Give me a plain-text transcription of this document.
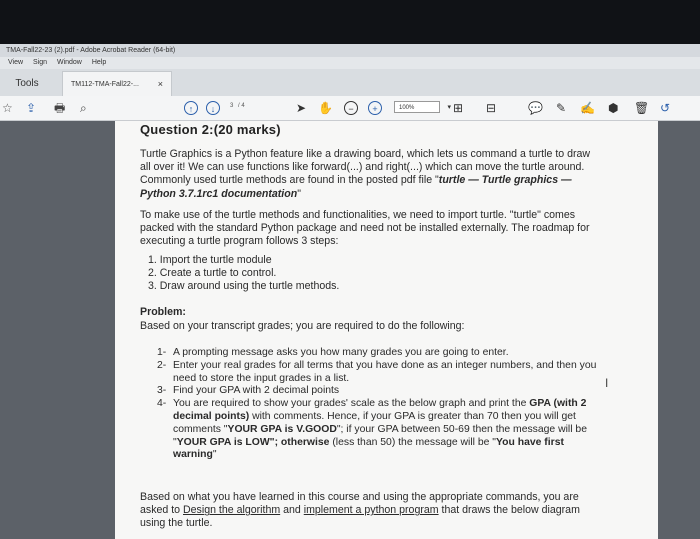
TMA-Fall22-23 (2).pdf - Adobe Acrobat Reader (64-bit)
View Sign Window Help
Tools	TM112-TMA-Fall22-... ×
☆ ⇪ 🖶 ⌕	↑	↓	➤ ✋	−	+	⊞ ⊟	💬 ✎ ✍ ⬢ 🗑 ↺
3 / 4	100%	▾
Question 2:(20 marks)
Turtle Graphics is a Python feature like a drawing board, which lets us command a turtle to draw all over it! We can use functions like forward(...) and right(...) which can move the turtle around. Commonly used turtle methods are found in the posted pdf file "turtle — Turtle graphics — Python 3.7.1rc1 documentation"
To make use of the turtle methods and functionalities, we need to import turtle. "turtle" comes packed with the standard Python package and need not be installed externally. The roadmap for executing a turtle program follows 3 steps:
1. Import the turtle module
2. Create a turtle to control.
3. Draw around using the turtle methods.
Problem:
Based on your transcript grades; you are required to do the following:
1- A prompting message asks you how many grades you are going to enter.
2- Enter your real grades for all terms that you have done as an integer numbers, and then you need to store the input grades in a list.
3- Find your GPA with 2 decimal points
4- You are required to show your grades' scale as the below graph and print the GPA (with 2 decimal points) with comments. Hence, if your GPA is greater than 70 then you will get comments "YOUR GPA is V.GOOD"; if your GPA between 50-69 then the message will be "YOUR GPA is LOW"; otherwise (less than 50) the message will be "You have first warning"
Based on what you have learned in this course and using the appropriate commands, you are asked to Design the algorithm and implement a python program that draws the below diagram using the turtle.
I
